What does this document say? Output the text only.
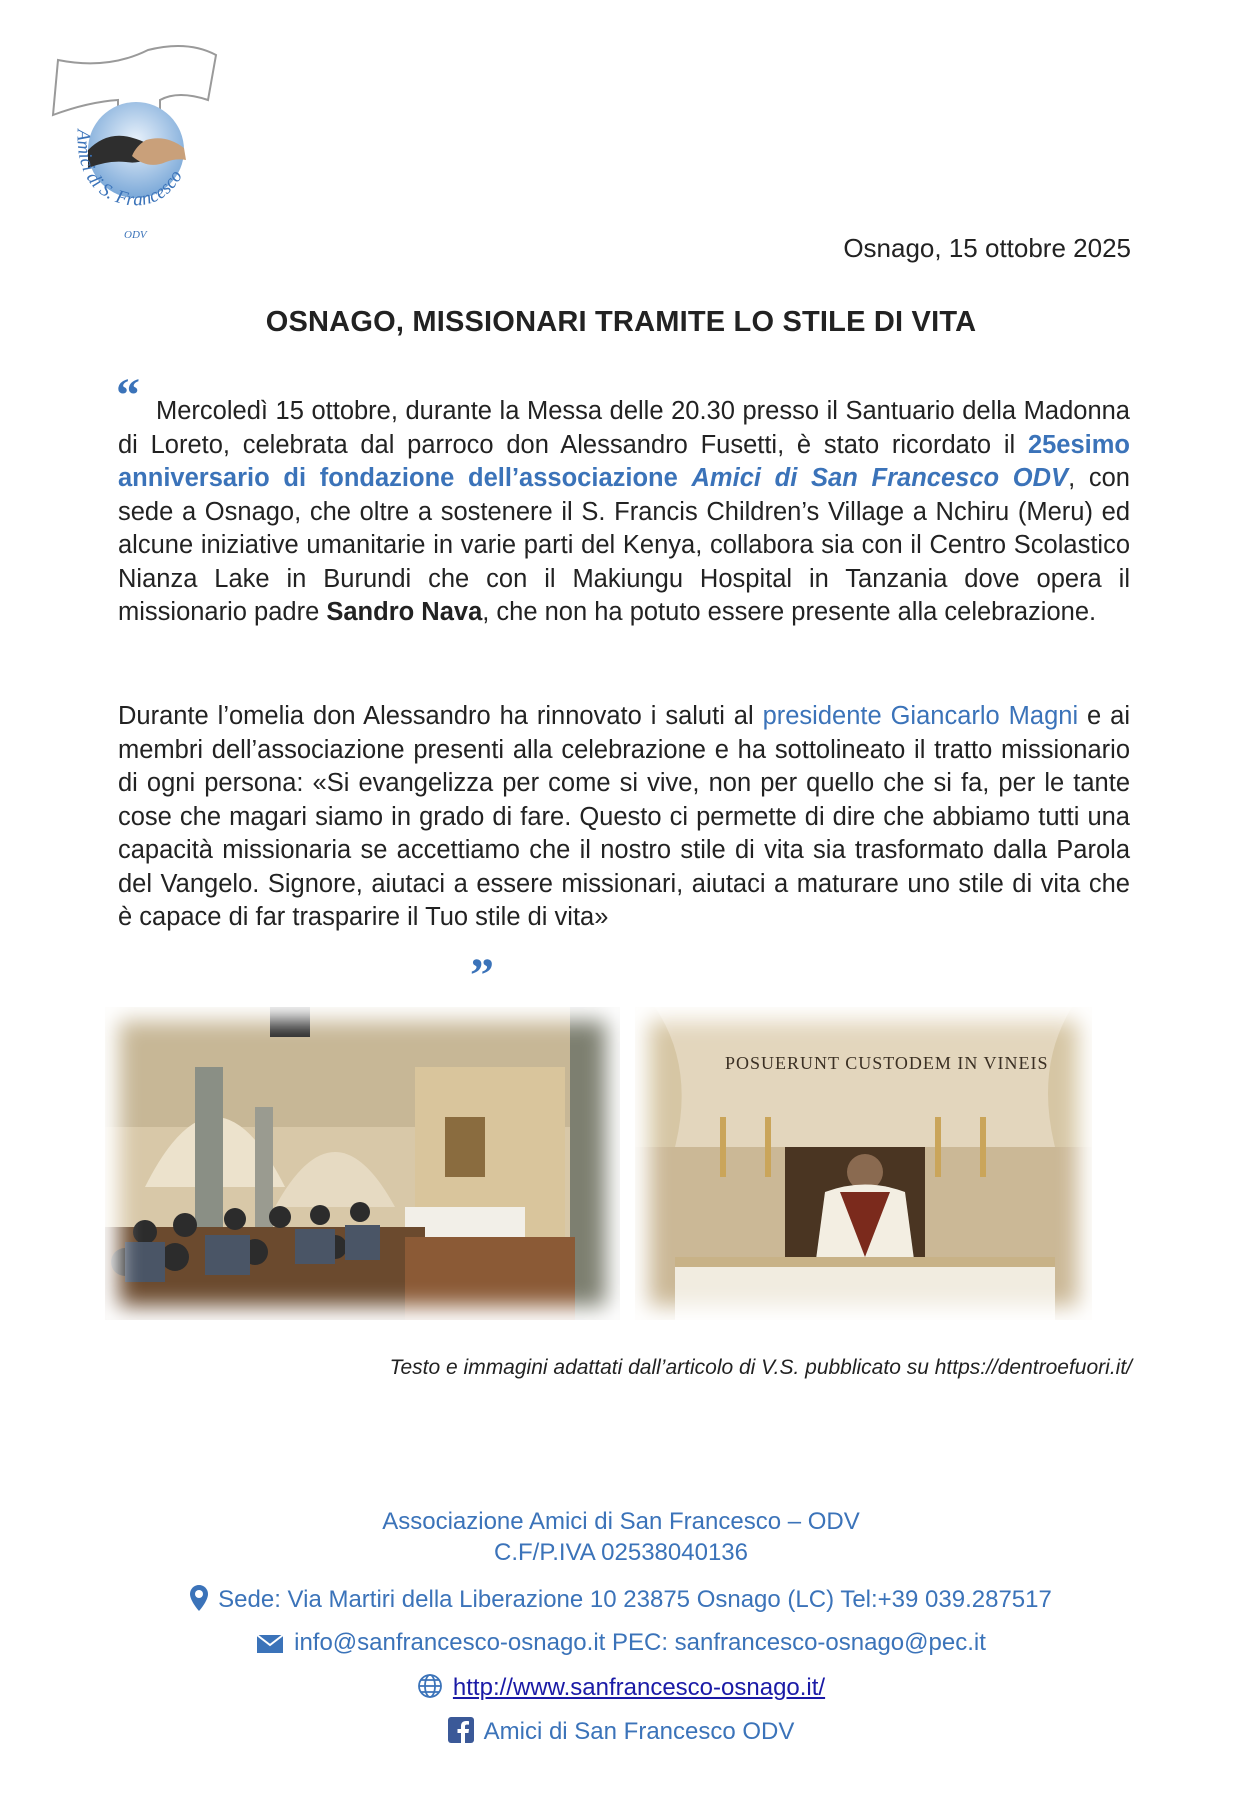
Amici di S. Francesco
ODV	Osnago, 15 ottobre 2025
OSNAGO, MISSIONARI TRAMITE LO STILE DI VITA
“ Mercoledì 15 ottobre, durante la Messa delle 20.30 presso il Santuario della Madonna di Loreto, celebrata dal parroco don Alessandro Fusetti, è stato ricordato il 25esimo anniversario di fondazione dell’associazione Amici di San Francesco ODV, con sede a Osnago, che oltre a sostenere il S. Francis Children’s Village a Nchiru (Meru) ed alcune iniziative umanitarie in varie parti del Kenya, collabora sia con il Centro Scolastico Nianza Lake in Burundi che con il Makiungu Hospital in Tanzania dove opera il missionario padre Sandro Nava, che non ha potuto essere presente alla celebrazione.
Durante l’omelia don Alessandro ha rinnovato i saluti al presidente Giancarlo Magni e ai membri dell’associazione presenti alla celebrazione e ha sottolineato il tratto missionario di ogni persona: «Si evangelizza per come si vive, non per quello che si fa, per le tante cose che magari siamo in grado di fare. Questo ci permette di dire che abbiamo tutti una capacità missionaria se accettiamo che il nostro stile di vita sia trasformato dalla Parola del Vangelo. Signore, aiutaci a essere missionari, aiutaci a maturare uno stile di vita che è capace di far trasparire il Tuo stile di vita»
”
POSUERUNT CUSTODEM IN VINEIS
Testo e immagini adattati dall’articolo di V.S. pubblicato su https://dentroefuori.it/
Associazione Amici di San Francesco – ODV
C.F/P.IVA 02538040136
Sede: Via Martiri della Liberazione 10 23875 Osnago (LC) Tel:+39 039.287517
info@sanfrancesco-osnago.it PEC: sanfrancesco-osnago@pec.it
http://www.sanfrancesco-osnago.it/
Amici di San Francesco ODV
